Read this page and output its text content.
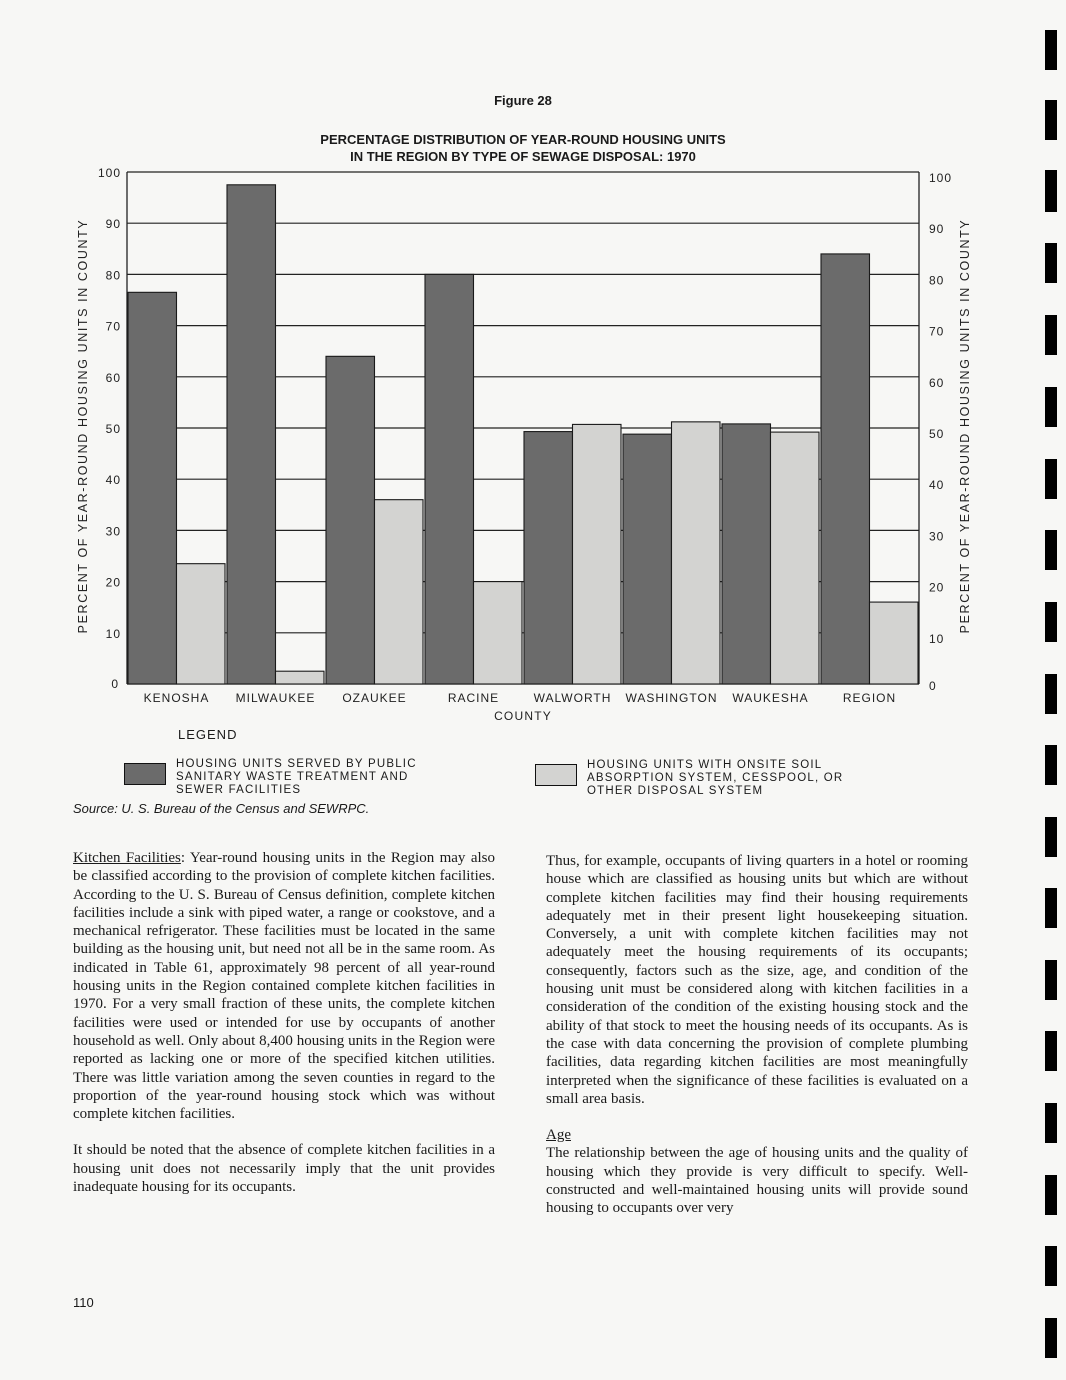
Figure 28
PERCENTAGE DISTRIBUTION OF YEAR-ROUND HOUSING UNITS
IN THE REGION BY TYPE OF SEWAGE DISPOSAL: 1970
0	0
10	10
20	20
30	30
40	40
50	50
60	60
70	70
80	80
90	90
100	100
KENOSHA MILWAUKEE OZAUKEE	RACINE	WALWORTH WASHINGTON WAUKESHA	REGION
COUNTY
PERCENT OF YEAR-ROUND HOUSING UNITS IN COUNTY	PERCENT OF YEAR-ROUND HOUSING UNITS IN COUNTY
LEGEND
HOUSING UNITS SERVED BY PUBLIC
SANITARY WASTE TREATMENT AND
SEWER FACILITIES
HOUSING UNITS WITH ONSITE SOIL
ABSORPTION SYSTEM, CESSPOOL, OR
OTHER DISPOSAL SYSTEM
Source: U. S. Bureau of the Census and SEWRPC.

Kitchen Facilities: Year-round housing units in the Region may also be classified according to the provision of complete kitchen facilities. According to the U. S. Bureau of Census definition, complete kitchen facilities include a sink with piped water, a range or cookstove, and a mechanical refrigerator. These facilities must be located in the same building as the housing unit, but need not all be in the same room. As indicated in Table 61, approximately 98 percent of all year-round housing units in the Region contained complete kitchen facilities in 1970. For a very small fraction of these units, the complete kitchen facilities were used or intended for use by occupants of another household as well. Only about 8,400 housing units in the Region were reported as lacking one or more of the specified kitchen utilities. There was little variation among the seven counties in regard to the proportion of the year-round housing stock which was without complete kitchen facilities.

It should be noted that the absence of complete kitchen facilities in a housing unit does not necessarily imply that the unit provides inadequate housing for its occupants.

Thus, for example, occupants of living quarters in a hotel or rooming house which are classified as housing units but which are without complete kitchen facilities may find their housing requirements adequately met in their present light housekeeping situation. Conversely, a unit with complete kitchen facilities may not adequately meet the housing requirements of its occupants; consequently, factors such as the size, age, and condition of the housing unit must be considered along with kitchen facilities in a consideration of the condition of the existing housing stock and the ability of that stock to meet the housing needs of its occupants. As is the case with data concerning the provision of complete plumbing facilities, data regarding kitchen facilities are most meaningfully interpreted when the significance of these facilities is evaluated on a small area basis.

Age

The relationship between the age of housing units and the quality of housing which they provide is very difficult to specify. Well-constructed and well-maintained housing units will provide sound housing to occupants over very

110
